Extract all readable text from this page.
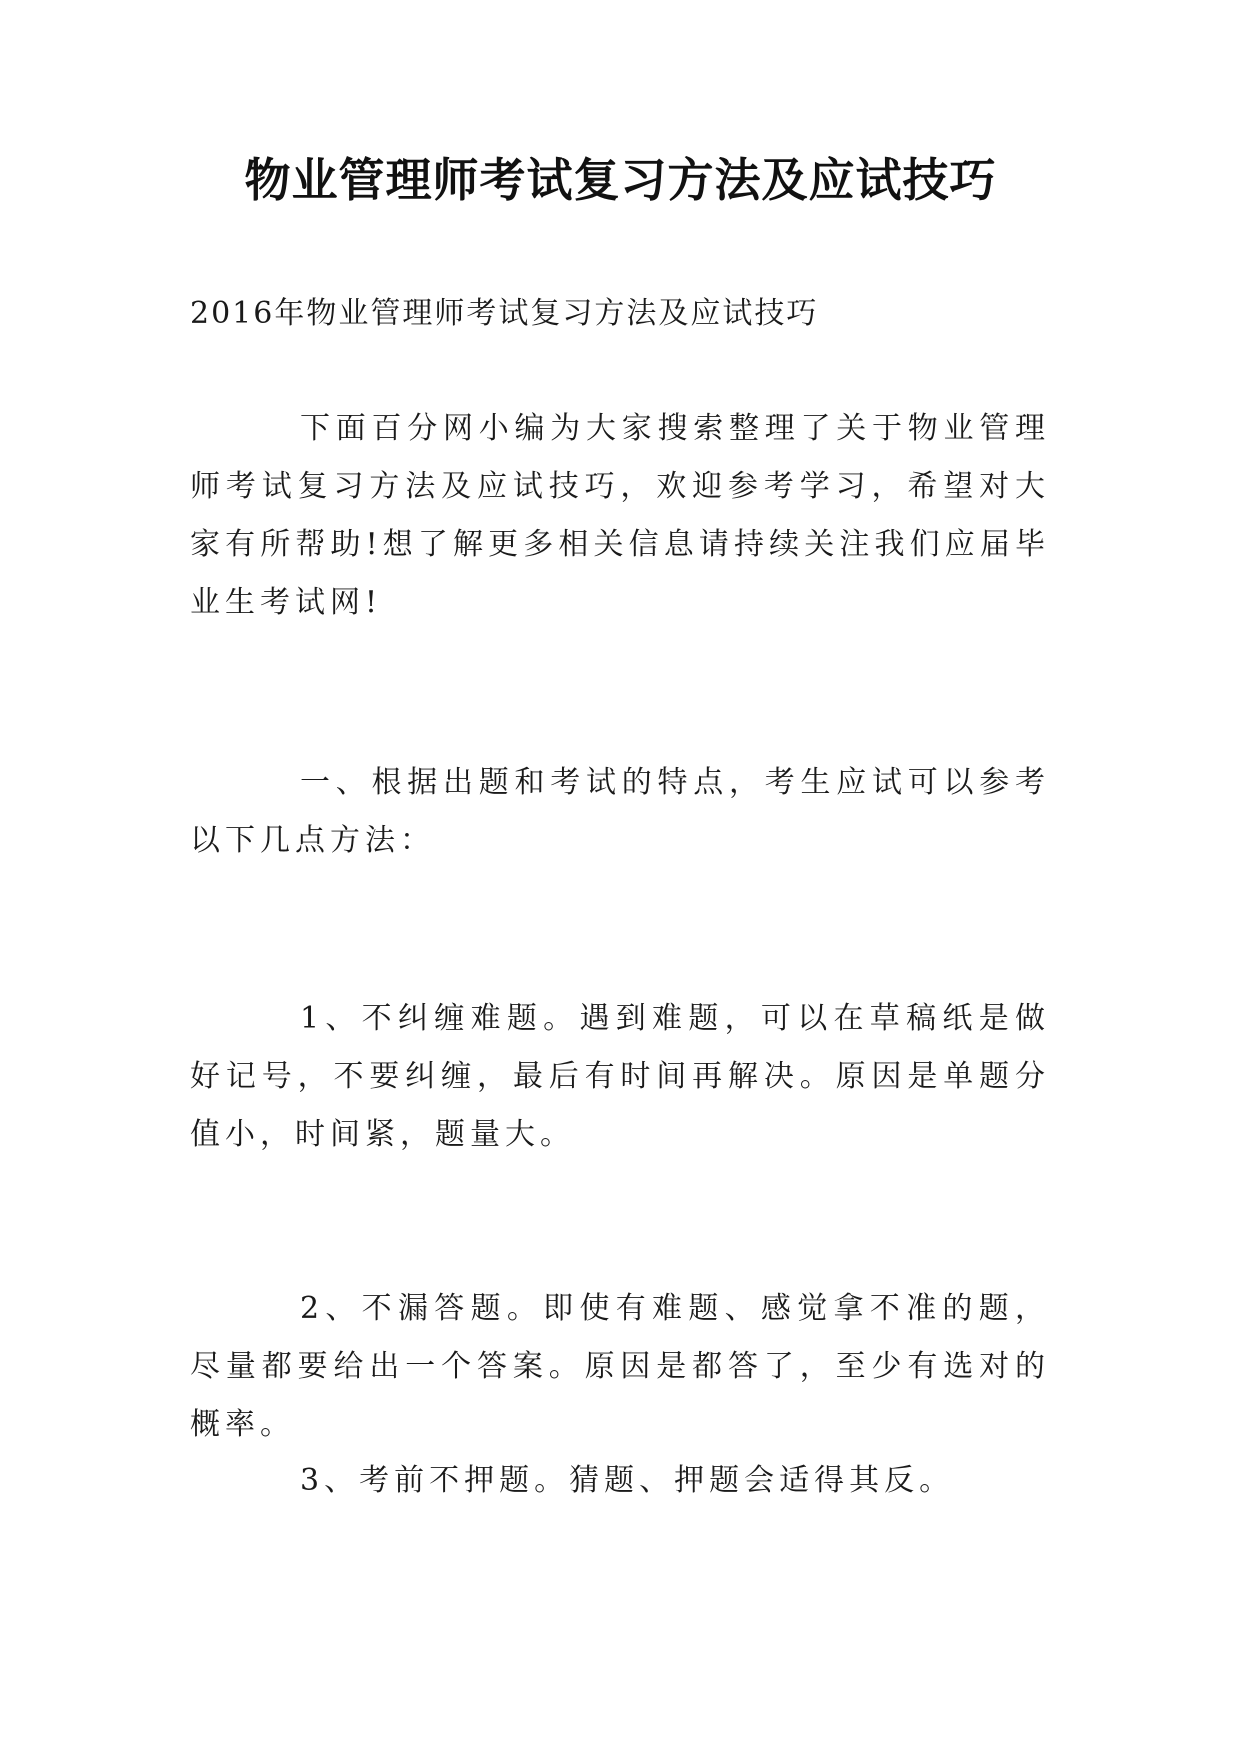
物业管理师考试复习方法及应试技巧
2016年物业管理师考试复习方法及应试技巧
下面百分网小编为大家搜索整理了关于物业管理师考试复习方法及应试技巧，欢迎参考学习，希望对大家有所帮助!想了解更多相关信息请持续关注我们应届毕业生考试网!
一、根据出题和考试的特点，考生应试可以参考以下几点方法：
1、不纠缠难题。遇到难题，可以在草稿纸是做好记号，不要纠缠，最后有时间再解决。原因是单题分值小，时间紧，题量大。
2、不漏答题。即使有难题、感觉拿不准的题，尽量都要给出一个答案。原因是都答了，至少有选对的概率。
3、考前不押题。猜题、押题会适得其反。
